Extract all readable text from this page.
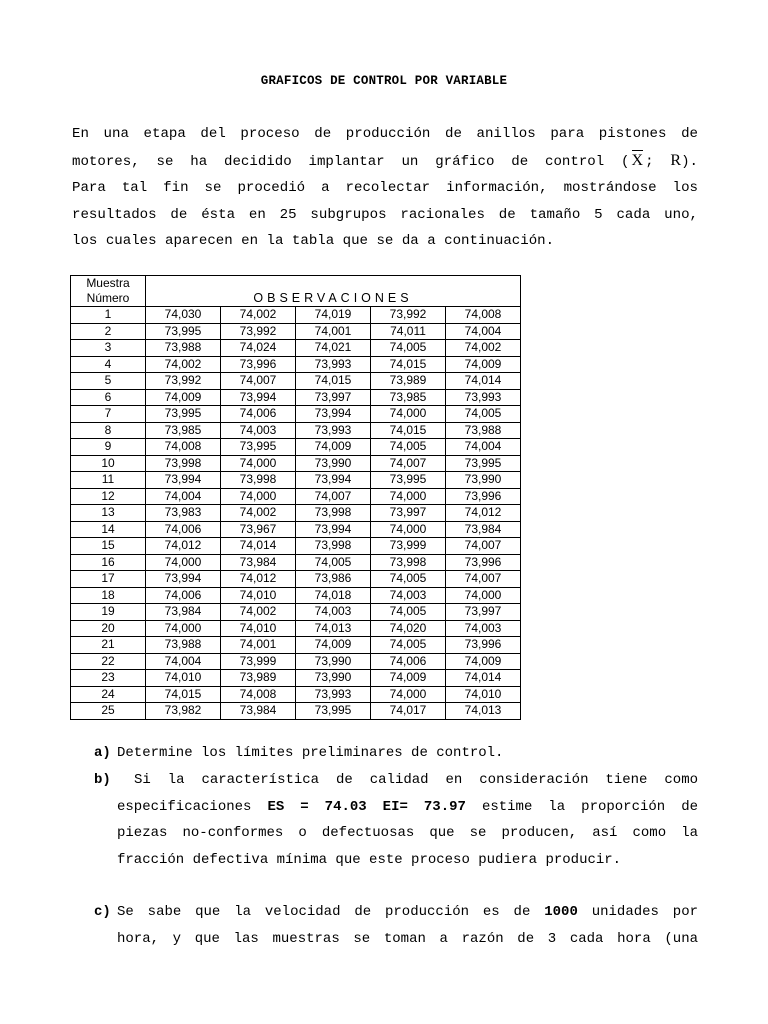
GRAFICOS DE CONTROL POR VARIABLE
En una etapa del proceso de producción de anillos para pistones de
motores, se ha decidido implantar un gráfico de control ( X ; R).
Para tal fin se procedió a recolectar información, mostrándose los
resultados de ésta en 25 subgrupos racionales de tamaño 5 cada uno,
los cuales aparecen en la tabla que se da a continuación.
Muestra
Número	OBSERVACIONES				
1	74,030	74,002	74,019	73,992	74,008
2	73,995	73,992	74,001	74,011	74,004
3	73,988	74,024	74,021	74,005	74,002
4	74,002	73,996	73,993	74,015	74,009
5	73,992	74,007	74,015	73,989	74,014
6	74,009	73,994	73,997	73,985	73,993
7	73,995	74,006	73,994	74,000	74,005
8	73,985	74,003	73,993	74,015	73,988
9	74,008	73,995	74,009	74,005	74,004
10	73,998	74,000	73,990	74,007	73,995
11	73,994	73,998	73,994	73,995	73,990
12	74,004	74,000	74,007	74,000	73,996
13	73,983	74,002	73,998	73,997	74,012
14	74,006	73,967	73,994	74,000	73,984
15	74,012	74,014	73,998	73,999	74,007
16	74,000	73,984	74,005	73,998	73,996
17	73,994	74,012	73,986	74,005	74,007
18	74,006	74,010	74,018	74,003	74,000
19	73,984	74,002	74,003	74,005	73,997
20	74,000	74,010	74,013	74,020	74,003
21	73,988	74,001	74,009	74,005	73,996
22	74,004	73,999	73,990	74,006	74,009
23	74,010	73,989	73,990	74,009	74,014
24	74,015	74,008	73,993	74,000	74,010
25	73,982	73,984	73,995	74,017	74,013
a) Determine los límites preliminares de control.
b)	Si la característica de calidad en consideración tiene como
especificaciones ES = 74.03 EI= 73.97 estime la proporción de
piezas no-conformes o defectuosas que se producen, así como la
fracción defectiva mínima que este proceso pudiera producir.
c) Se sabe que la velocidad de producción es de 1000 unidades por
hora, y que las muestras se toman a razón de 3 cada hora (una
